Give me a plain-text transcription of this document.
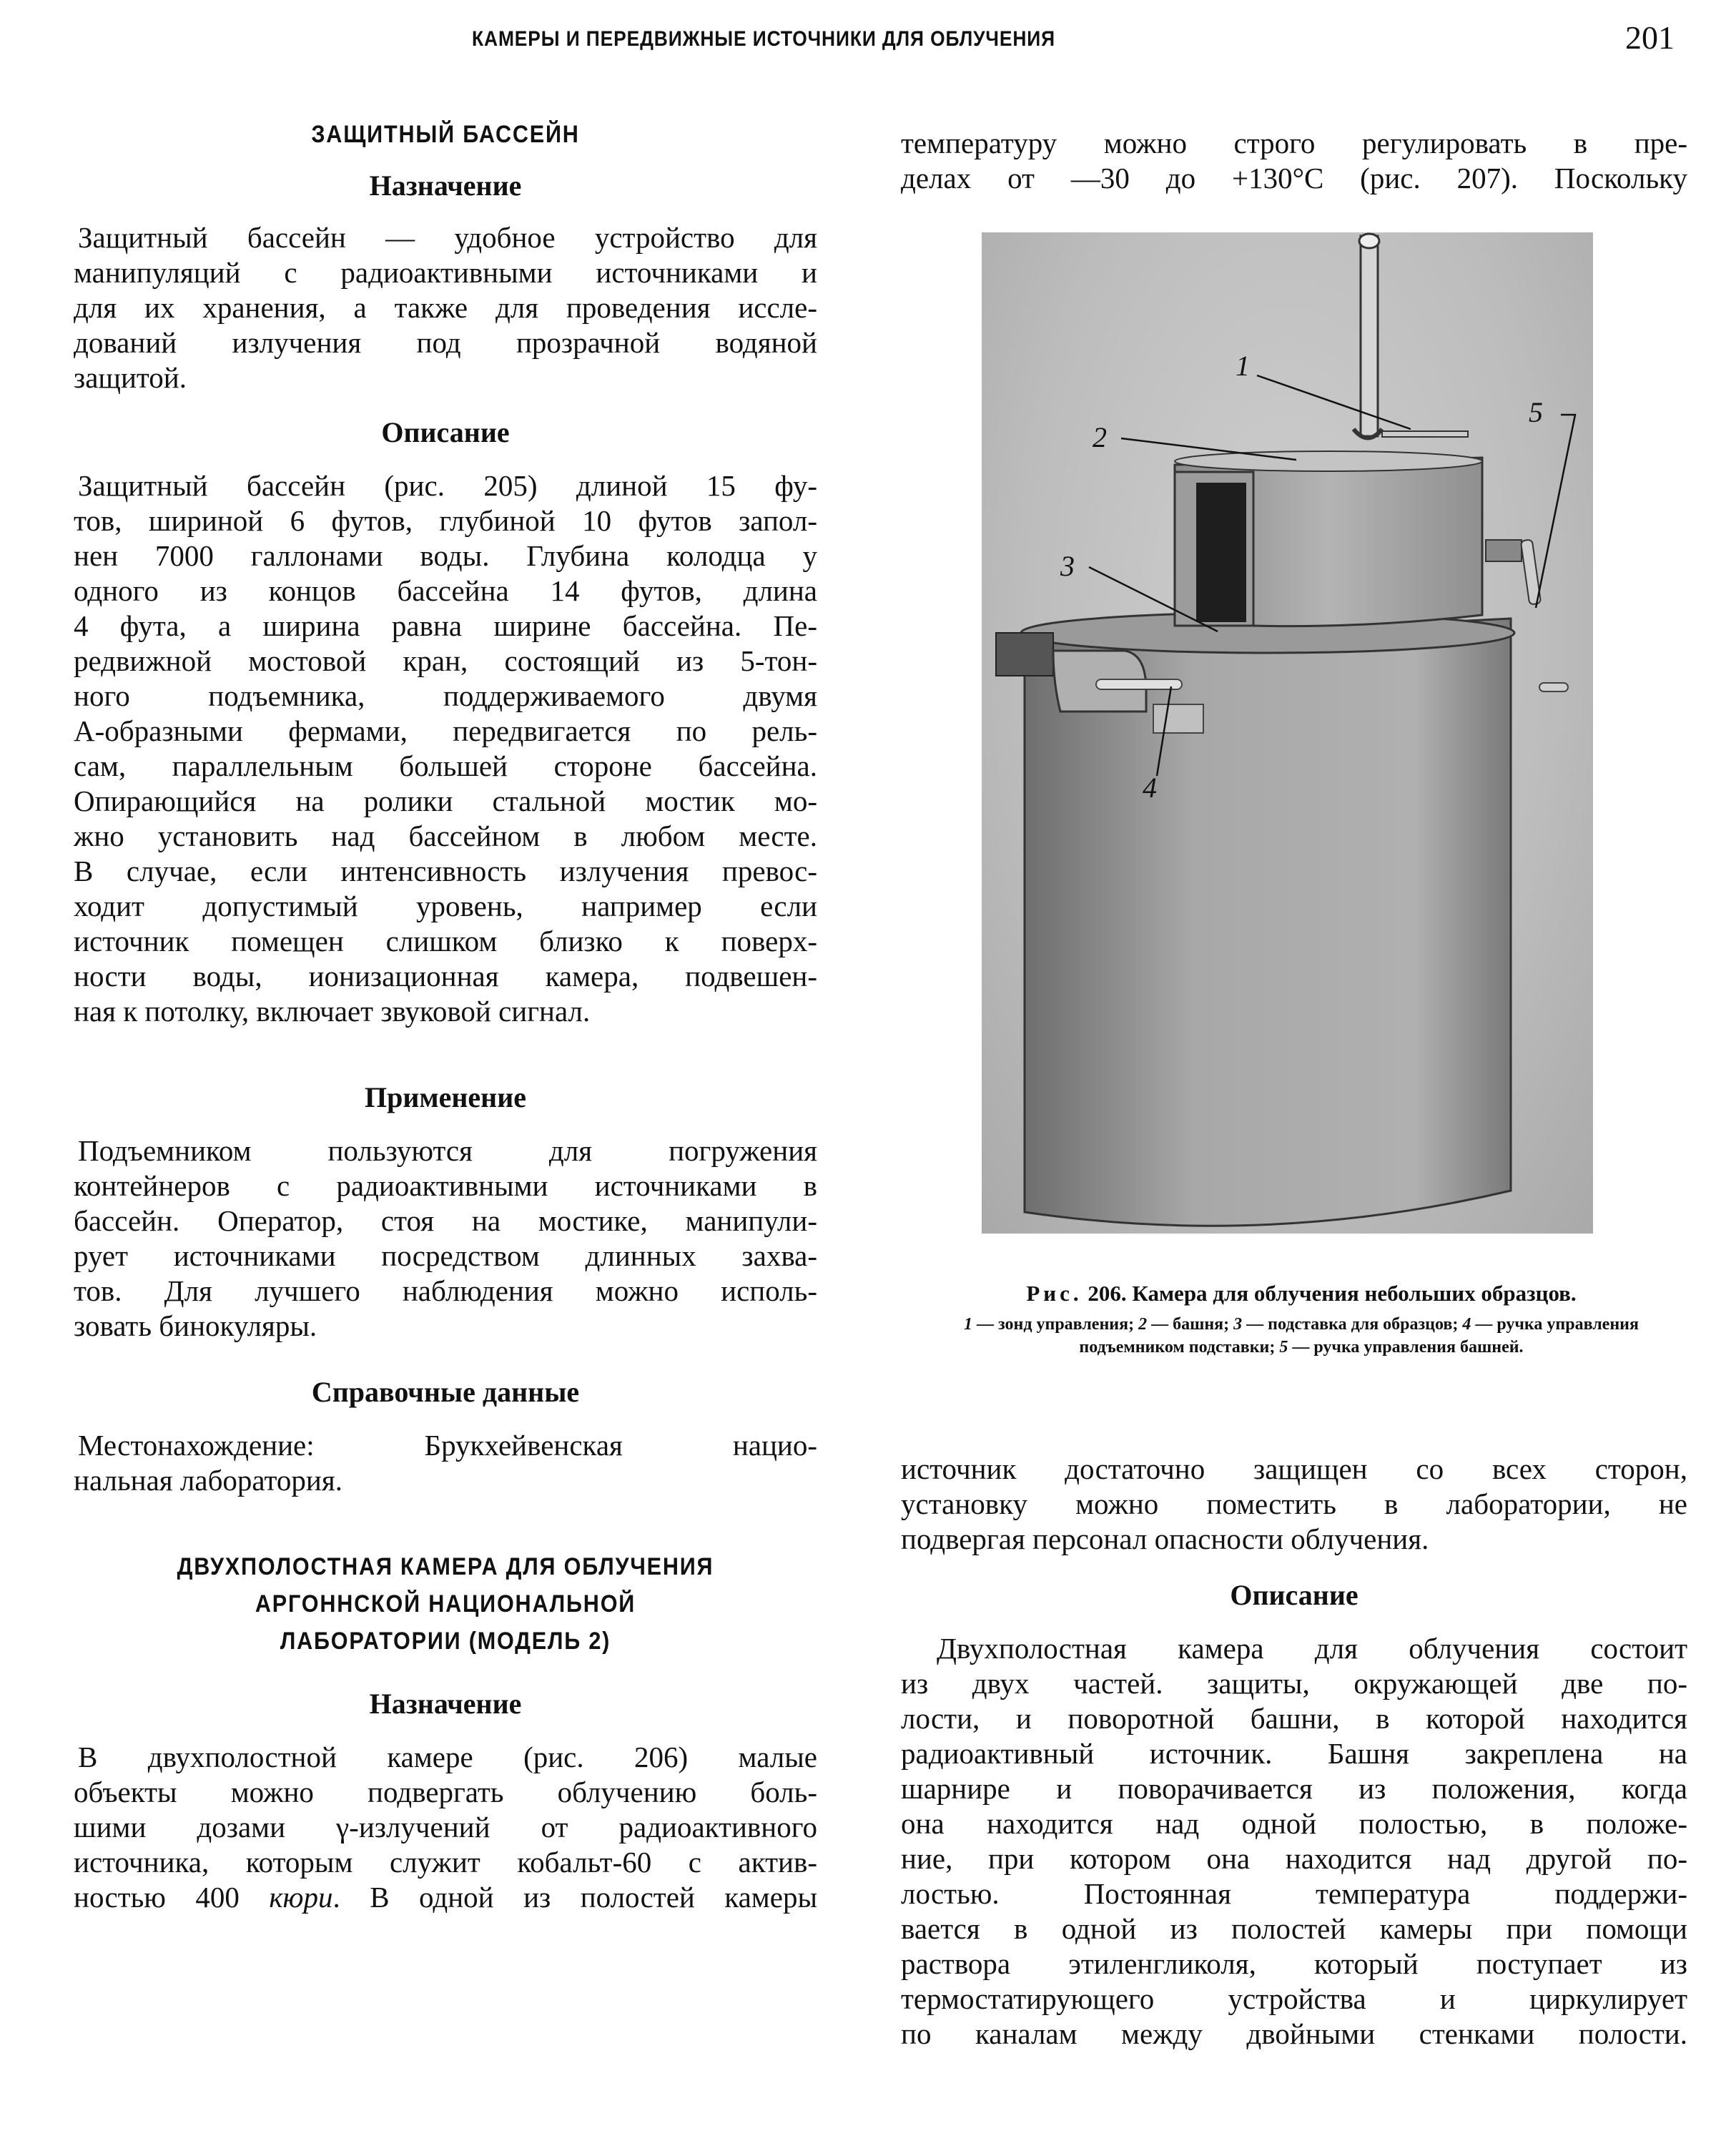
КАМЕРЫ И ПЕРЕДВИЖНЫЕ ИСТОЧНИКИ ДЛЯ ОБЛУЧЕНИЯ	201
ЗАЩИТНЫЙ БАССЕЙН
Назначение
Защитный бассейн — удобное устройство для
манипуляций с радиоактивными источниками и
для их хранения, а также для проведения иссле-
дований излучения под прозрачной водяной
защитой.
Описание
Защитный бассейн (рис. 205) длиной 15 фу-
тов, шириной 6 футов, глубиной 10 футов запол-
нен 7000 галлонами воды. Глубина колодца у
одного из концов бассейна 14 футов, длина
4 фута, а ширина равна ширине бассейна. Пе-
редвижной мостовой кран, состоящий из 5-тон-
ного подъемника, поддерживаемого двумя
А-образными фермами, передвигается по рель-
сам, параллельным большей стороне бассейна.
Опирающийся на ролики стальной мостик мо-
жно установить над бассейном в любом месте.
В случае, если интенсивность излучения превос-
ходит допустимый уровень, например если
источник помещен слишком близко к поверх-
ности воды, ионизационная камера, подвешен-
ная к потолку, включает звуковой сигнал.
Применение
Подъемником пользуются для погружения
контейнеров с радиоактивными источниками в
бассейн. Оператор, стоя на мостике, манипули-
рует источниками посредством длинных захва-
тов. Для лучшего наблюдения можно исполь-
зовать бинокуляры.
Справочные данные
Местонахождение: Брукхейвенская нацио-
нальная лаборатория.
ДВУХПОЛОСТНАЯ КАМЕРА ДЛЯ ОБЛУЧЕНИЯ
АРГОННСКОЙ НАЦИОНАЛЬНОЙ
ЛАБОРАТОРИИ (МОДЕЛЬ 2)
Назначение
В двухполостной камере (рис. 206) малые
объекты можно подвергать облучению боль-
шими дозами γ-излучений от радиоактивного
источника, которым служит кобальт-60 с актив-
ностью 400 кюри. В одной из полостей камеры
температуру можно строго регулировать в пре-
делах от —30 до +130°С (рис. 207). Поскольку
1
2
3
4
5
Рис. 206. Камера для облучения небольших образцов.
1 — зонд управления; 2 — башня; 3 — подставка для образцов; 4 — ручка управления подъемником подставки; 5 — ручка управления башней.
источник достаточно защищен со всех сторон,
установку можно поместить в лаборатории, не
подвергая персонал опасности облучения.
Описание
Двухполостная камера для облучения состоит
из двух частей. защиты, окружающей две по-
лости, и поворотной башни, в которой находится
радиоактивный источник. Башня закреплена на
шарнире и поворачивается из положения, когда
она находится над одной полостью, в положе-
ние, при котором она находится над другой по-
лостью. Постоянная температура поддержи-
вается в одной из полостей камеры при помощи
раствора этиленгликоля, который поступает из
термостатирующего устройства и циркулирует
по каналам между двойными стенками полости.
